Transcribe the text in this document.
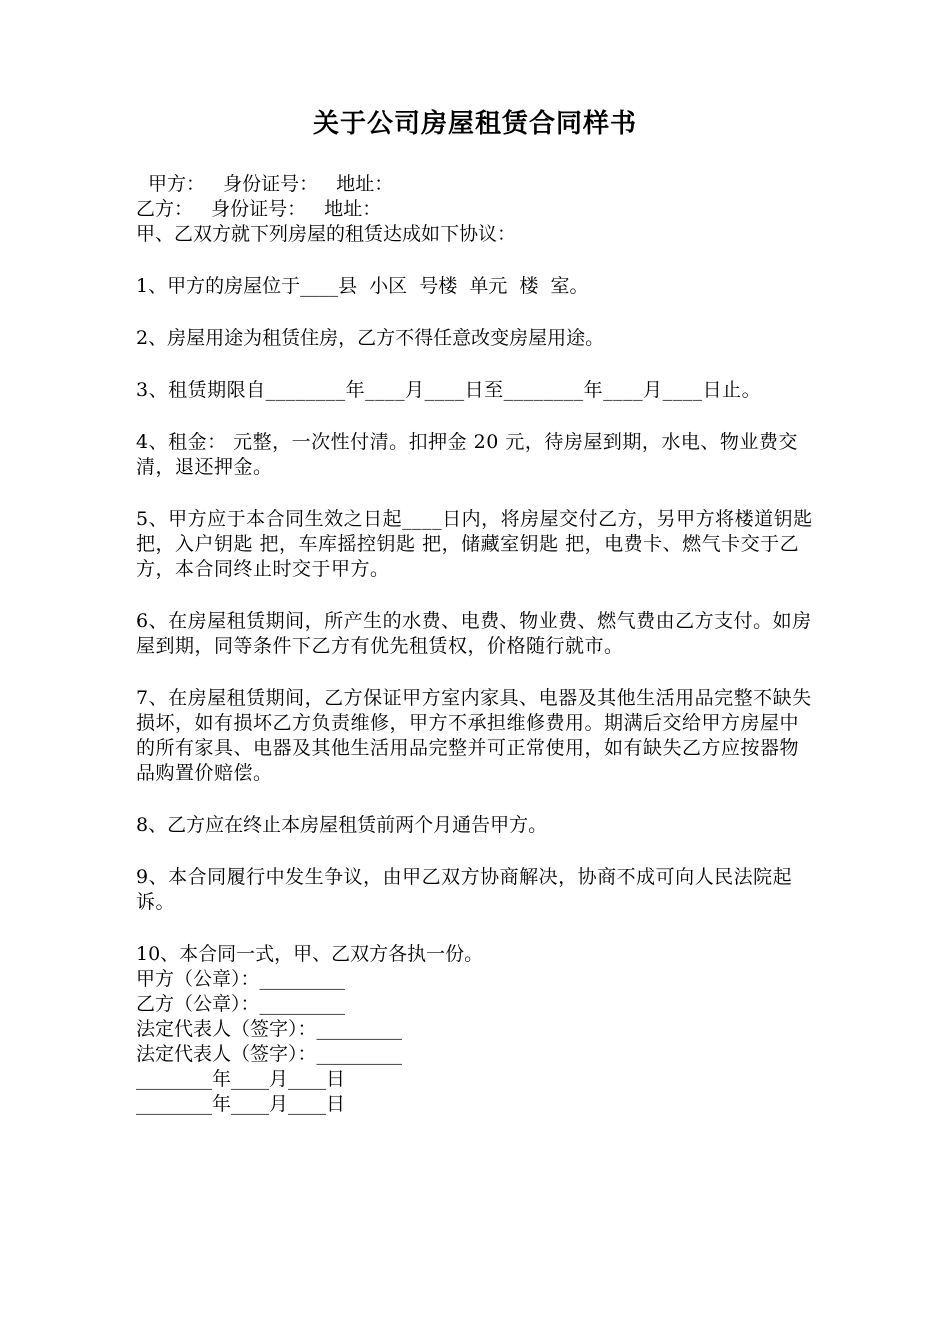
关于公司房屋租赁合同样书
甲方：   身份证号：   地址：
乙方：   身份证号：   地址：
甲、乙双方就下列房屋的租赁达成如下协议：
1、甲方的房屋位于____县  小区  号楼  单元  楼  室。
2、房屋用途为租赁住房，乙方不得任意改变房屋用途。
3、租赁期限自________年____月____日至________年____月____日止。
4、租金： 元整，一次性付清。扣押金 20 元，待房屋到期，水电、物业费交清，退还押金。
5、甲方应于本合同生效之日起____日内，将房屋交付乙方，另甲方将楼道钥匙 把，入户钥匙 把，车库摇控钥匙 把，储藏室钥匙 把，电费卡、燃气卡交于乙方，本合同终止时交于甲方。
6、在房屋租赁期间，所产生的水费、电费、物业费、燃气费由乙方支付。如房屋到期，同等条件下乙方有优先租赁权，价格随行就市。
7、在房屋租赁期间，乙方保证甲方室内家具、电器及其他生活用品完整不缺失损坏，如有损坏乙方负责维修，甲方不承担维修费用。期满后交给甲方房屋中的所有家具、电器及其他生活用品完整并可正常使用，如有缺失乙方应按器物品购置价赔偿。
8、乙方应在终止本房屋租赁前两个月通告甲方。
9、本合同履行中发生争议，由甲乙双方协商解决，协商不成可向人民法院起诉。
10、本合同一式，甲、乙双方各执一份。
甲方（公章）：_________
乙方（公章）：_________
法定代表人（签字）：_________
法定代表人（签字）：_________
________年____月____日
________年____月____日
